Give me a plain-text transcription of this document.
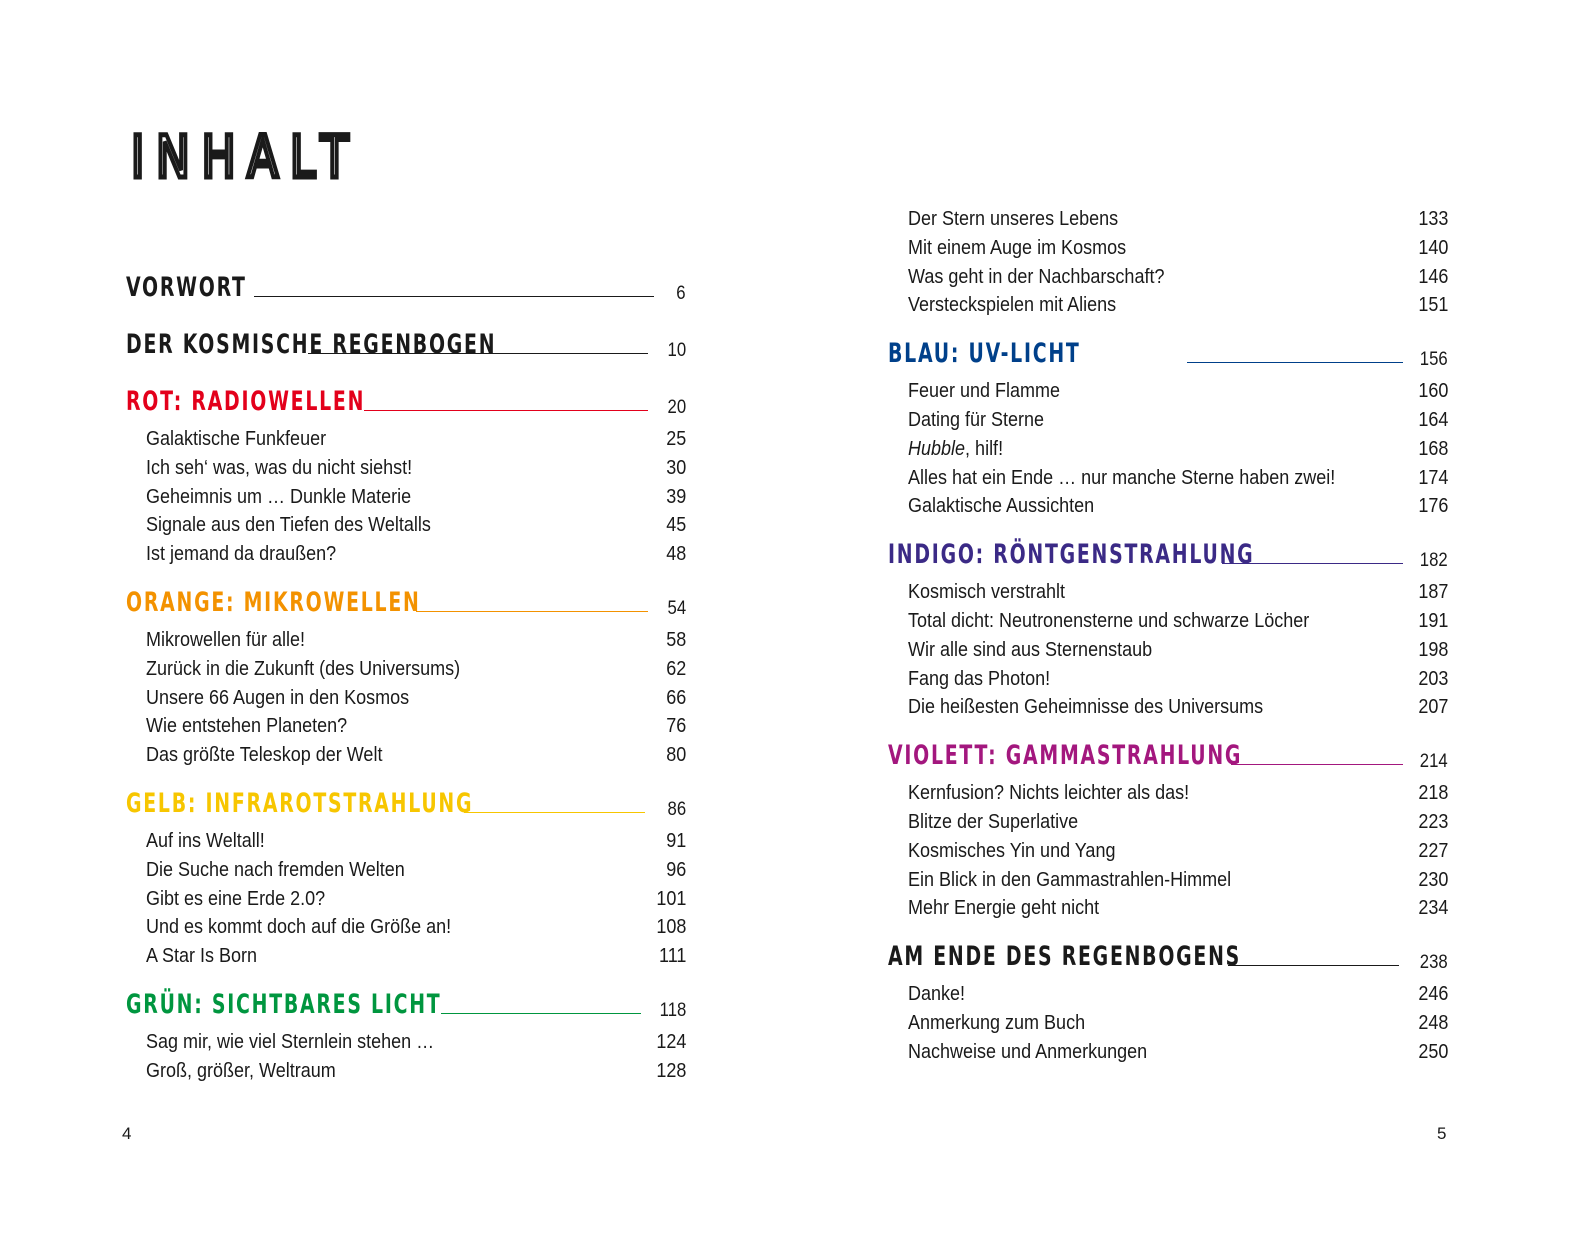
INHALT
VORWORT	6
DER KOSMISCHE REGENBOGEN	10
ROT: RADIOWELLEN	20
Galaktische Funkfeuer	25
Ich seh‘ was, was du nicht siehst!	30
Geheimnis um … Dunkle Materie	39
Signale aus den Tiefen des Weltalls	45
Ist jemand da draußen?	48
ORANGE: MIKROWELLEN	54
Mikrowellen für alle!	58
Zurück in die Zukunft (des Universums)	62
Unsere 66 Augen in den Kosmos	66
Wie entstehen Planeten?	76
Das größte Teleskop der Welt	80
GELB: INFRAROTSTRAHLUNG	86
Auf ins Weltall!	91
Die Suche nach fremden Welten	96
Gibt es eine Erde 2.0?	101
Und es kommt doch auf die Größe an!	108
A Star Is Born	111
GRÜN: SICHTBARES LICHT	118
Sag mir, wie viel Sternlein stehen …	124
Groß, größer, Weltraum	128
4
Der Stern unseres Lebens	133
Mit einem Auge im Kosmos	140
Was geht in der Nachbarschaft?	146
Versteckspielen mit Aliens	151
BLAU: UV-LICHT	156
Feuer und Flamme	160
Dating für Sterne	164
Hubble, hilf!	168
Alles hat ein Ende … nur manche Sterne haben zwei!	174
Galaktische Aussichten	176
INDIGO: RÖNTGENSTRAHLUNG	182
Kosmisch verstrahlt	187
Total dicht: Neutronensterne und schwarze Löcher	191
Wir alle sind aus Sternenstaub	198
Fang das Photon!	203
Die heißesten Geheimnisse des Universums	207
VIOLETT: GAMMASTRAHLUNG	214
Kernfusion? Nichts leichter als das!	218
Blitze der Superlative	223
Kosmisches Yin und Yang	227
Ein Blick in den Gammastrahlen-Himmel	230
Mehr Energie geht nicht	234
AM ENDE DES REGENBOGENS	238
Danke!	246
Anmerkung zum Buch	248
Nachweise und Anmerkungen	250
5
